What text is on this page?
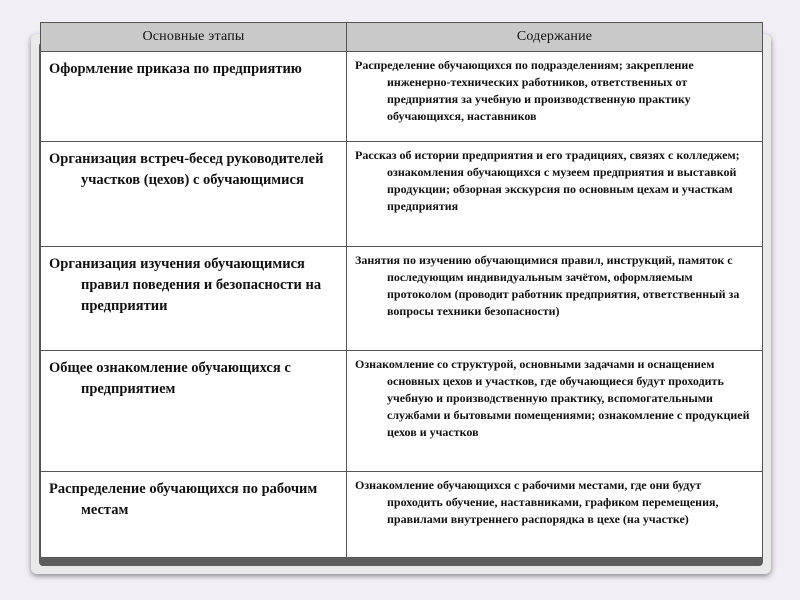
Основные этапы	Содержание

Оформление приказа по предприятию	Распределение обучающихся по подразделениям; закрепление инженерно-технических работников, ответственных от предприятия за учебную и производственную практику обучающихся, наставников

Организация встреч-бесед руководителей участков (цехов) с обучающимися	Рассказ об истории предприятия и его традициях, связях с колледжем; ознакомления обучающихся с музеем предприятия и выставкой продукции; обзорная экскурсия по основным цехам и участкам предприятия

Организация изучения обучающимися правил поведения и безопасности на предприятии	Занятия по изучению обучающимися правил, инструкций, памяток с последующим индивидуальным зачётом, оформляемым протоколом (проводит работник предприятия, ответственный за вопросы техники безопасности)

Общее ознакомление обучающихся с предприятием	Ознакомление со структурой, основными задачами и оснащением основных цехов и участков, где обучающиеся будут проходить учебную и производственную практику, вспомогательными службами и бытовыми помещениями; ознакомление с продукцией цехов и участков

Распределение обучающихся по рабочим местам	Ознакомление обучающихся с рабочими местами, где они будут проходить обучение, наставниками, графиком перемещения, правилами внутреннего распорядка в цехе (на участке)
